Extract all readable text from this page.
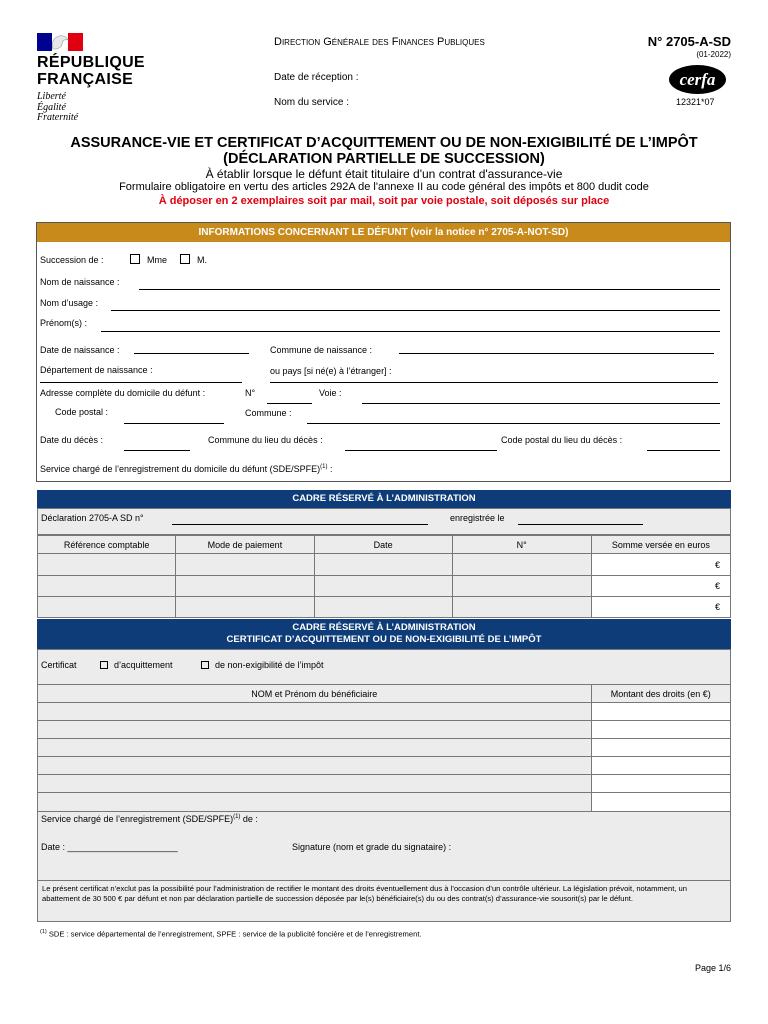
RÉPUBLIQUE
FRANÇAISE
Liberté
Égalité
Fraternité
Direction Générale des Finances Publiques
Date de réception :
Nom du service :
N° 2705-A-SD
(01-2022)
cerfa
12321*07
ASSURANCE-VIE ET CERTIFICAT D’ACQUITTEMENT OU DE NON-EXIGIBILITÉ DE L’IMPÔT
(DÉCLARATION PARTIELLE DE SUCCESSION)
À établir lorsque le défunt était titulaire d'un contrat d'assurance-vie
Formulaire obligatoire en vertu des articles 292A de l'annexe II au code général des impôts et 800 dudit code
À déposer en 2 exemplaires soit par mail, soit par voie postale, soit déposés sur place
INFORMATIONS CONCERNANT LE DÉFUNT (voir la notice n° 2705-A-NOT-SD)
Succession de :	Mme	M.
Nom de naissance :
Nom d’usage :
Prénom(s) :
Date de naissance :	Commune de naissance :
Département de naissance :	ou pays [si né(e) à l’étranger] :
Adresse complète du domicile du défunt :	N°	Voie :
Code postal :	Commune :
Date du décès :	Commune du lieu du décès :	Code postal du lieu du décès :
Service chargé de l’enregistrement du domicile du défunt (SDE/SPFE)$^{(1)}$ :
CADRE RÉSERVÉ À L’ADMINISTRATION
Déclaration 2705-A SD n°	enregistrée le
Référence comptable	Mode de paiement	Date	N°	Somme versée en euros
				€
				€
				€
CADRE RÉSERVÉ À L’ADMINISTRATION
CERTIFICAT D’ACQUITTEMENT OU DE NON-EXIGIBILITÉ DE L’IMPÔT
Certificat	d’acquittement	de non-exigibilité de l’impôt
NOM et Prénom du bénéficiaire	Montant des droits (en €)

Service chargé de l’enregistrement (SDE/SPFE)$^{(1)}$ de :
Date : ______________________	Signature (nom et grade du signataire) :
Le présent certificat n’exclut pas la possibilité pour l’administration de rectifier le montant des droits éventuellement dus à l’occasion d’un contrôle ultérieur. La législation prévoit, notamment, un abattement de 30 500 € par défunt et non par déclaration partielle de succession déposée par le(s) bénéficiaire(s) du ou des contrat(s) d’assurance-vie sousorit(s) par le défunt.
$^{(1)}$ SDE : service départemental de l’enregistrement, SPFE : service de la publicité foncière et de l’enregistrement.
Page 1/6
